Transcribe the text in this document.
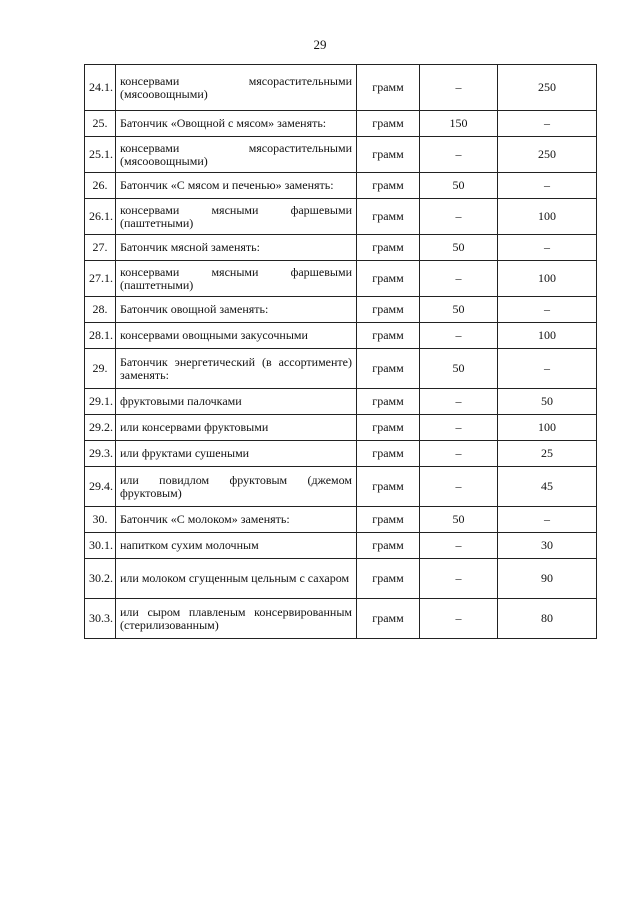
29
24.1.	консервами мясорастительными (мясоовощными)	грамм	–	250
25.	Батончик «Овощной с мясом» заменять:	грамм	150	–
25.1.	консервами мясорастительными (мясоовощными)	грамм	–	250
26.	Батончик «С мясом и печенью» заменять:	грамм	50	–
26.1.	консервами мясными фаршевыми (паштетными)	грамм	–	100
27.	Батончик мясной заменять:	грамм	50	–
27.1.	консервами мясными фаршевыми (паштетными)	грамм	–	100
28.	Батончик овощной заменять:	грамм	50	–
28.1.	консервами овощными закусочными	грамм	–	100
29.	Батончик энергетический (в ассортименте) заменять:	грамм	50	–
29.1.	фруктовыми палочками	грамм	–	50
29.2.	или консервами фруктовыми	грамм	–	100
29.3.	или фруктами сушеными	грамм	–	25
29.4.	или повидлом фруктовым (джемом фруктовым)	грамм	–	45
30.	Батончик «С молоком» заменять:	грамм	50	–
30.1.	напитком сухим молочным	грамм	–	30
30.2.	или молоком сгущенным цельным с сахаром	грамм	–	90
30.3.	или сыром плавленым консервированным (стерилизованным)	грамм	–	80
